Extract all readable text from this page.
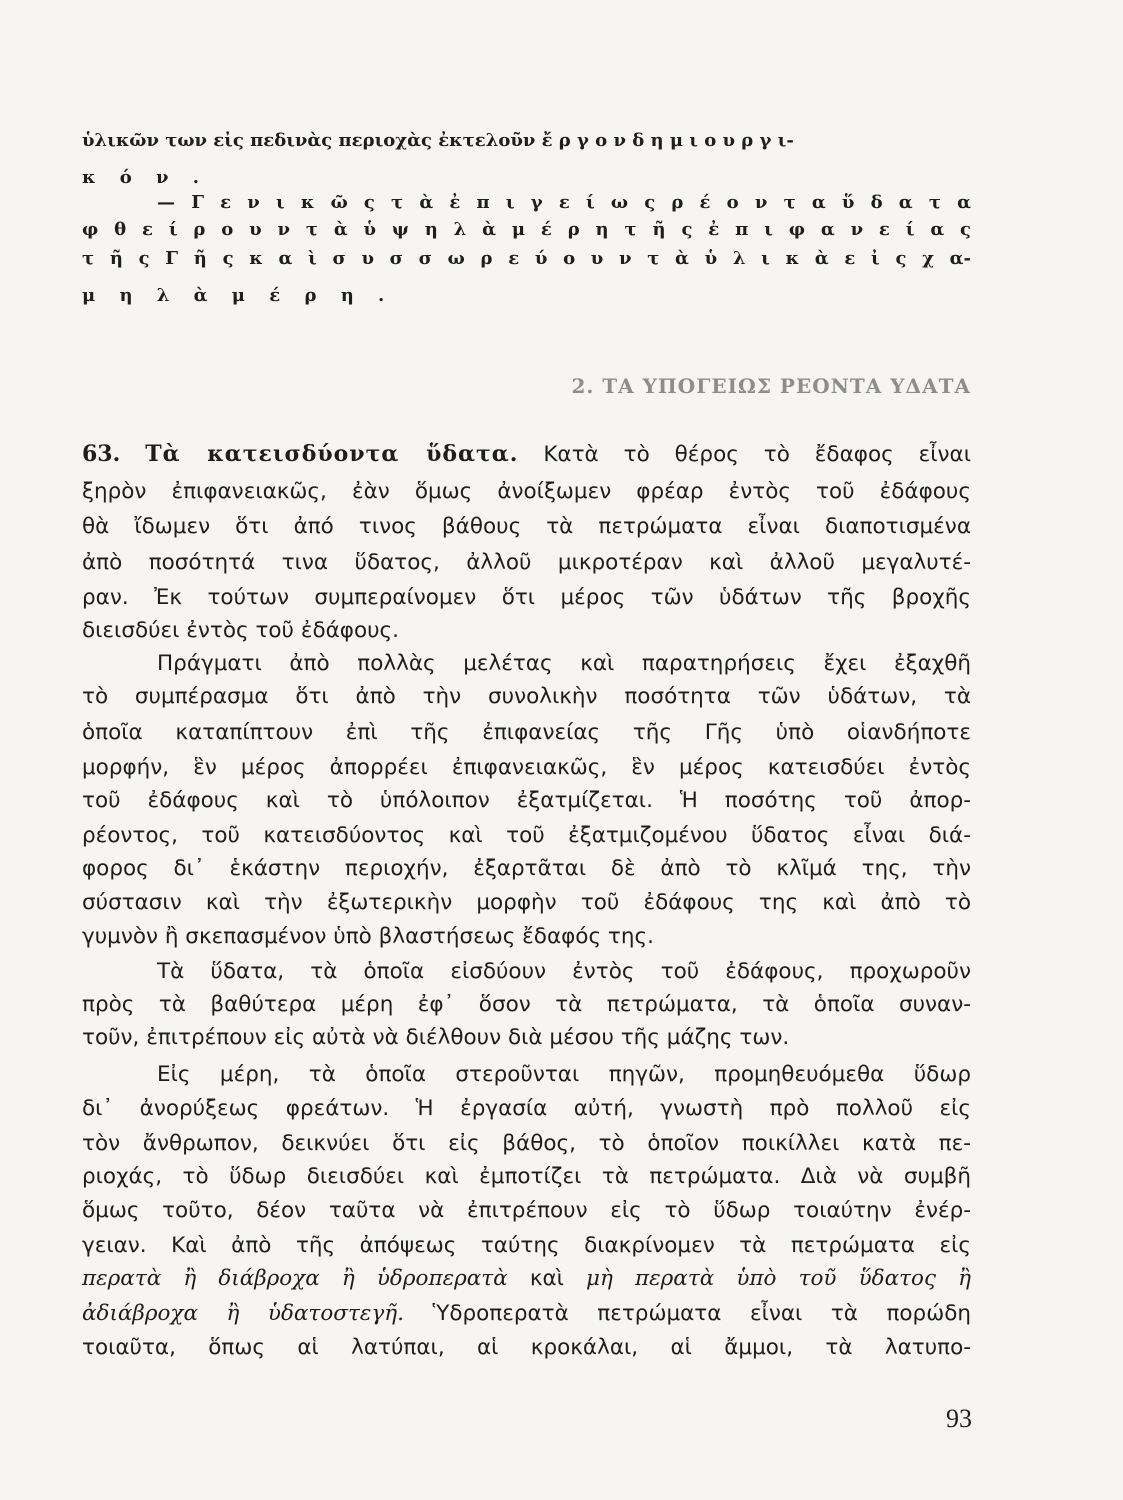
ὑλικῶν των εἰς πεδινὰς περιοχὰς ἐκτελοῦν ἔ ρ γ ο ν δ η μ ι ο υ ρ γ ι-
κ ό ν .
— Γ ε ν ι κ ῶ ς τ ὰ ἐ π ι γ ε ί ω ς ρ έ ο ν τ α ὕ δ α τ α
φ θ ε ί ρ ο υ ν τ ὰ ὑ ψ η λ ὰ μ έ ρ η τ ῆ ς ἐ π ι φ α ν ε ί α ς
τ ῆ ς Γ ῆ ς κ α ὶ σ υ σ σ ω ρ ε ύ ο υ ν τ ὰ ὑ λ ι κ ὰ ε ἰ ς χ α-
μ η λ ὰ μ έ ρ η .
2. ΤΑ ΥΠΟΓΕΙΩΣ ΡΕΟΝΤΑ ΥΔΑΤΑ
63. Τὰ κατεισδύοντα ὕδατα. Κατὰ τὸ θέρος τὸ ἔδαφος εἶναι
ξηρὸν ἐπιφανειακῶς, ἐὰν ὅμως ἀνοίξωμεν φρέαρ ἐντὸς τοῦ ἐδάφους
θὰ ἴδωμεν ὅτι ἀπό τινος βάθους τὰ πετρώματα εἶναι διαποτισμένα
ἀπὸ ποσότητά τινα ὕδατος, ἀλλοῦ μικροτέραν καὶ ἀλλοῦ μεγαλυτέ-
ραν. Ἐκ τούτων συμπεραίνομεν ὅτι μέρος τῶν ὑδάτων τῆς βροχῆς
διεισδύει ἐντὸς τοῦ ἐδάφους.
Πράγματι ἀπὸ πολλὰς μελέτας καὶ παρατηρήσεις ἔχει ἐξαχθῆ
τὸ συμπέρασμα ὅτι ἀπὸ τὴν συνολικὴν ποσότητα τῶν ὑδάτων, τὰ
ὁποῖα καταπίπτουν ἐπὶ τῆς ἐπιφανείας τῆς Γῆς ὑπὸ οἱανδήποτε
μορφήν, ἓν μέρος ἀπορρέει ἐπιφανειακῶς, ἓν μέρος κατεισδύει ἐντὸς
τοῦ ἐδάφους καὶ τὸ ὑπόλοιπον ἐξατμίζεται. Ἡ ποσότης τοῦ ἀπορ-
ρέοντος, τοῦ κατεισδύοντος καὶ τοῦ ἐξατμιζομένου ὕδατος εἶναι διά-
φορος δι᾽ ἑκάστην περιοχήν, ἐξαρτᾶται δὲ ἀπὸ τὸ κλῖμά της, τὴν
σύστασιν καὶ τὴν ἐξωτερικὴν μορφὴν τοῦ ἐδάφους της καὶ ἀπὸ τὸ
γυμνὸν ἢ σκεπασμένον ὑπὸ βλαστήσεως ἔδαφός της.
Τὰ ὕδατα, τὰ ὁποῖα εἰσδύουν ἐντὸς τοῦ ἐδάφους, προχωροῦν
πρὸς τὰ βαθύτερα μέρη ἐφ᾽ ὅσον τὰ πετρώματα, τὰ ὁποῖα συναν-
τοῦν, ἐπιτρέπουν εἰς αὐτὰ νὰ διέλθουν διὰ μέσου τῆς μάζης των.
Εἰς μέρη, τὰ ὁποῖα στεροῦνται πηγῶν, προμηθευόμεθα ὕδωρ
δι᾽ ἀνορύξεως φρεάτων. Ἡ ἐργασία αὐτή, γνωστὴ πρὸ πολλοῦ εἰς
τὸν ἄνθρωπον, δεικνύει ὅτι εἰς βάθος, τὸ ὁποῖον ποικίλλει κατὰ πε-
ριοχάς, τὸ ὕδωρ διεισδύει καὶ ἐμποτίζει τὰ πετρώματα. Διὰ νὰ συμβῆ
ὅμως τοῦτο, δέον ταῦτα νὰ ἐπιτρέπουν εἰς τὸ ὕδωρ τοιαύτην ἐνέρ-
γειαν. Καὶ ἀπὸ τῆς ἀπόψεως ταύτης διακρίνομεν τὰ πετρώματα εἰς
περατὰ ἢ διάβροχα ἢ ὑδροπερατὰ καὶ μὴ περατὰ ὑπὸ τοῦ ὕδατος ἢ
ἀδιάβροχα ἢ ὑδατοστεγῆ. Ὑδροπερατὰ πετρώματα εἶναι τὰ πορώδη
τοιαῦτα, ὅπως αἱ λατύπαι, αἱ κροκάλαι, αἱ ἄμμοι, τὰ λατυπο-
93
